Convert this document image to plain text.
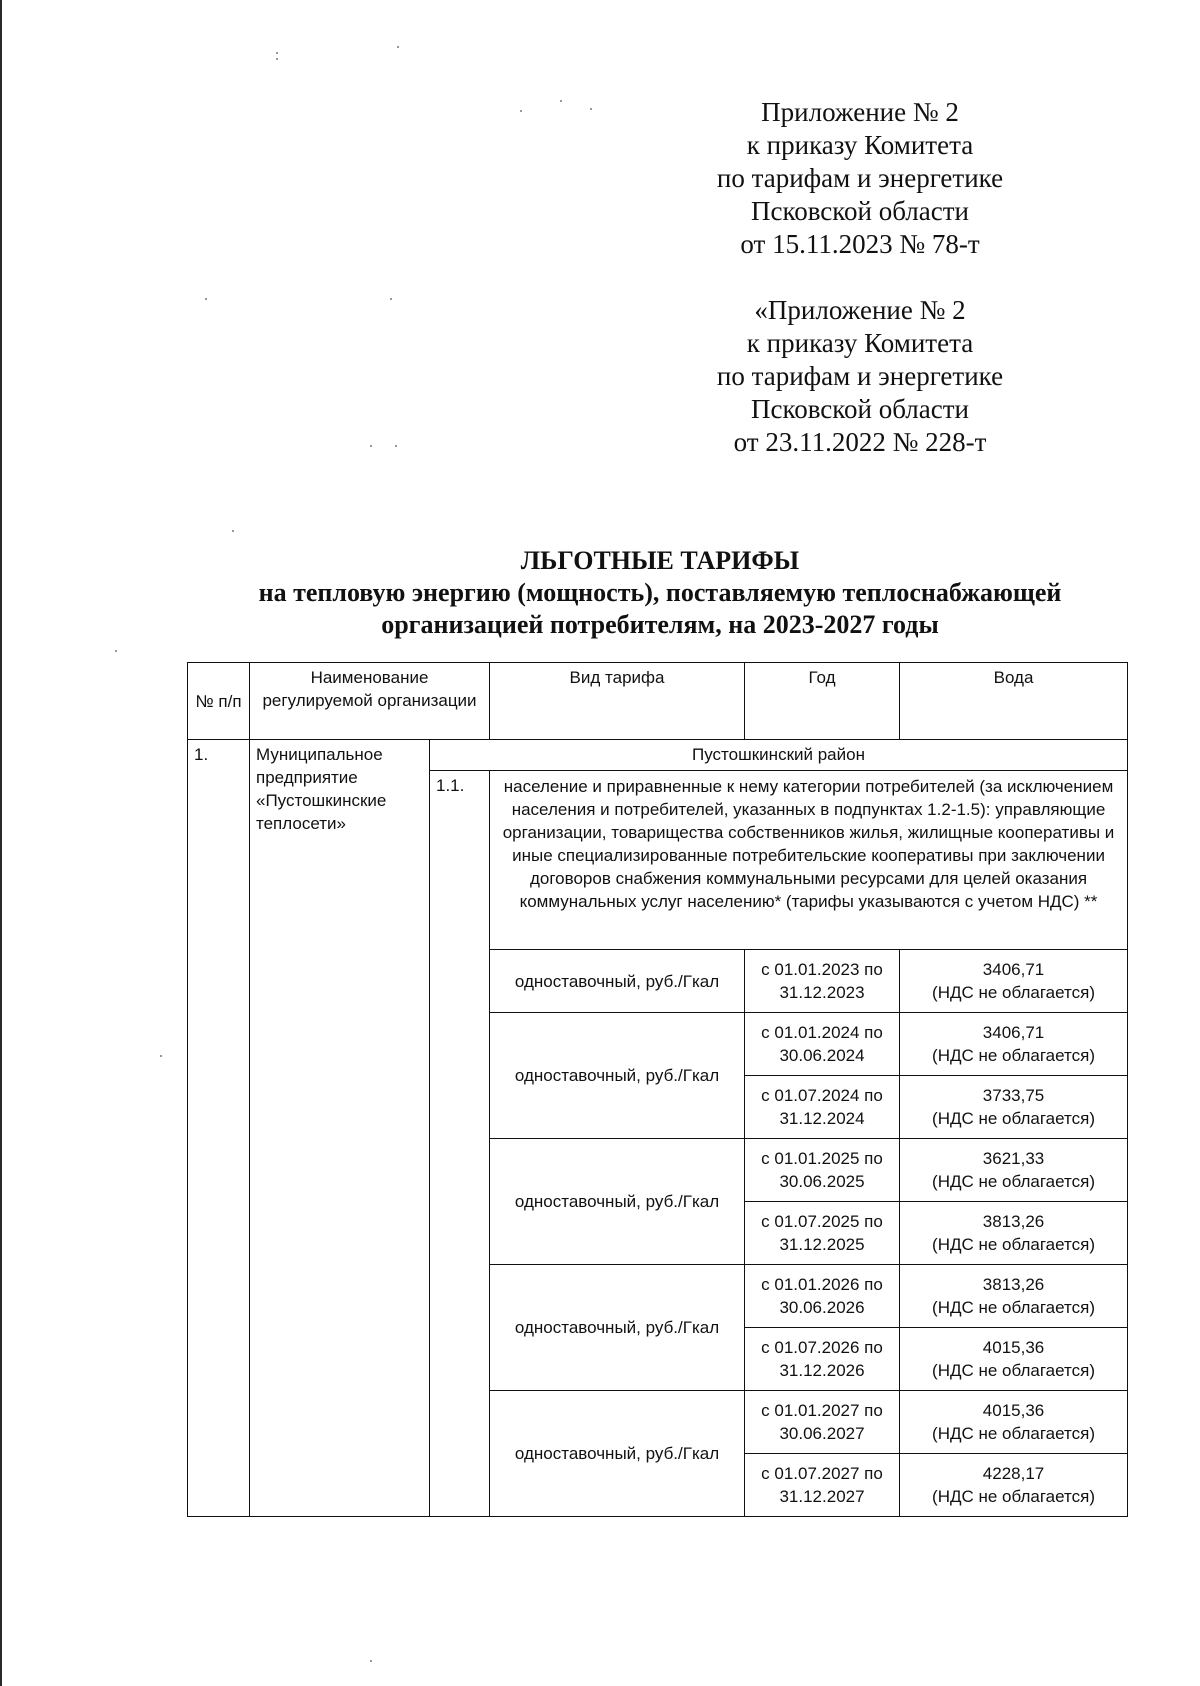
Приложение № 2
к приказу Комитета
по тарифам и энергетике
Псковской области
от 15.11.2023 № 78-т
«Приложение № 2
к приказу Комитета
по тарифам и энергетике
Псковской области
от 23.11.2022 № 228-т
ЛЬГОТНЫЕ ТАРИФЫ
на тепловую энергию (мощность), поставляемую теплоснабжающей
организацией потребителям, на 2023-2027 годы
№ п/п	Наименование регулируемой организации		Вид тарифа	Год	Вода
1.	Муниципальное предприятие «Пустошкинские теплосети»	Пустошкинский район			
		1.1.	население и приравненные к нему категории потребителей (за исключением населения и потребителей, указанных в подпунктах 1.2-1.5): управляющие организации, товарищества собственников жилья, жилищные кооперативы и иные специализированные потребительские кооперативы при заключении договоров снабжения коммунальными ресурсами для целей оказания коммунальных услуг населению* (тарифы указываются с учетом НДС) **		
			одноставочный, руб./Гкал	с 01.01.2023 по 31.12.2023	3406,71
(НДС не облагается)

			одноставочный, руб./Гкал	с 01.01.2024 по 30.06.2024	3406,71
(НДС не облагается)

				с 01.07.2024 по 31.12.2024	3733,75
(НДС не облагается)

			одноставочный, руб./Гкал	с 01.01.2025 по 30.06.2025	3621,33
(НДС не облагается)

				с 01.07.2025 по 31.12.2025	3813,26
(НДС не облагается)

			одноставочный, руб./Гкал	с 01.01.2026 по 30.06.2026	3813,26
(НДС не облагается)

				с 01.07.2026 по 31.12.2026	4015,36
(НДС не облагается)

			одноставочный, руб./Гкал	с 01.01.2027 по 30.06.2027	4015,36
(НДС не облагается)

				с 01.07.2027 по 31.12.2027	4228,17
(НДС не облагается)
